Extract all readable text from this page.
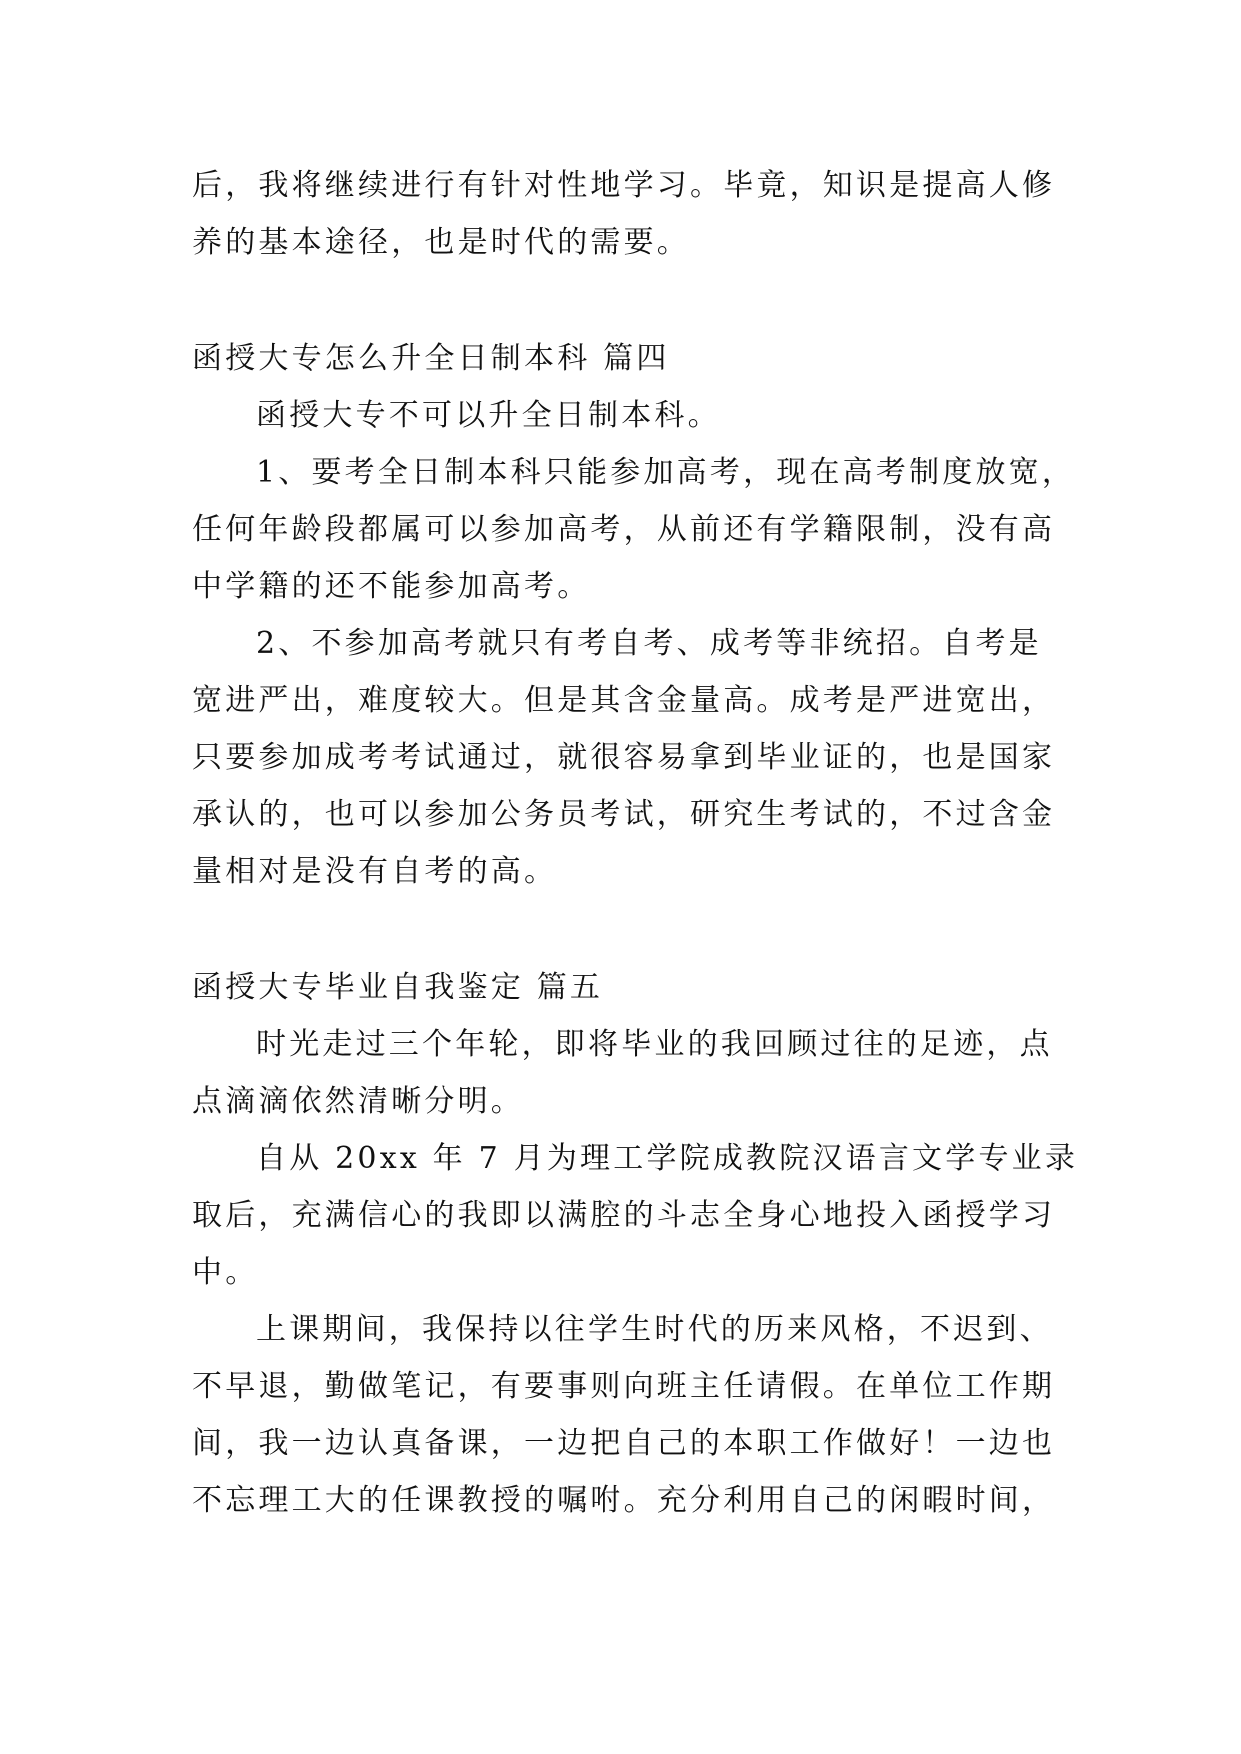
后，我将继续进行有针对性地学习。毕竟，知识是提高人修
养的基本途径，也是时代的需要。
函授大专怎么升全日制本科 篇四
函授大专不可以升全日制本科。
1、要考全日制本科只能参加高考，现在高考制度放宽，
任何年龄段都属可以参加高考，从前还有学籍限制，没有高
中学籍的还不能参加高考。
2、不参加高考就只有考自考、成考等非统招。自考是
宽进严出，难度较大。但是其含金量高。成考是严进宽出，
只要参加成考考试通过，就很容易拿到毕业证的，也是国家
承认的，也可以参加公务员考试，研究生考试的，不过含金
量相对是没有自考的高。
函授大专毕业自我鉴定 篇五
时光走过三个年轮，即将毕业的我回顾过往的足迹，点
点滴滴依然清晰分明。
自从 20xx 年 7 月为理工学院成教院汉语言文学专业录
取后，充满信心的我即以满腔的斗志全身心地投入函授学习
中。
上课期间，我保持以往学生时代的历来风格，不迟到、
不早退，勤做笔记，有要事则向班主任请假。在单位工作期
间，我一边认真备课，一边把自己的本职工作做好！一边也
不忘理工大的任课教授的嘱咐。充分利用自己的闲暇时间，
